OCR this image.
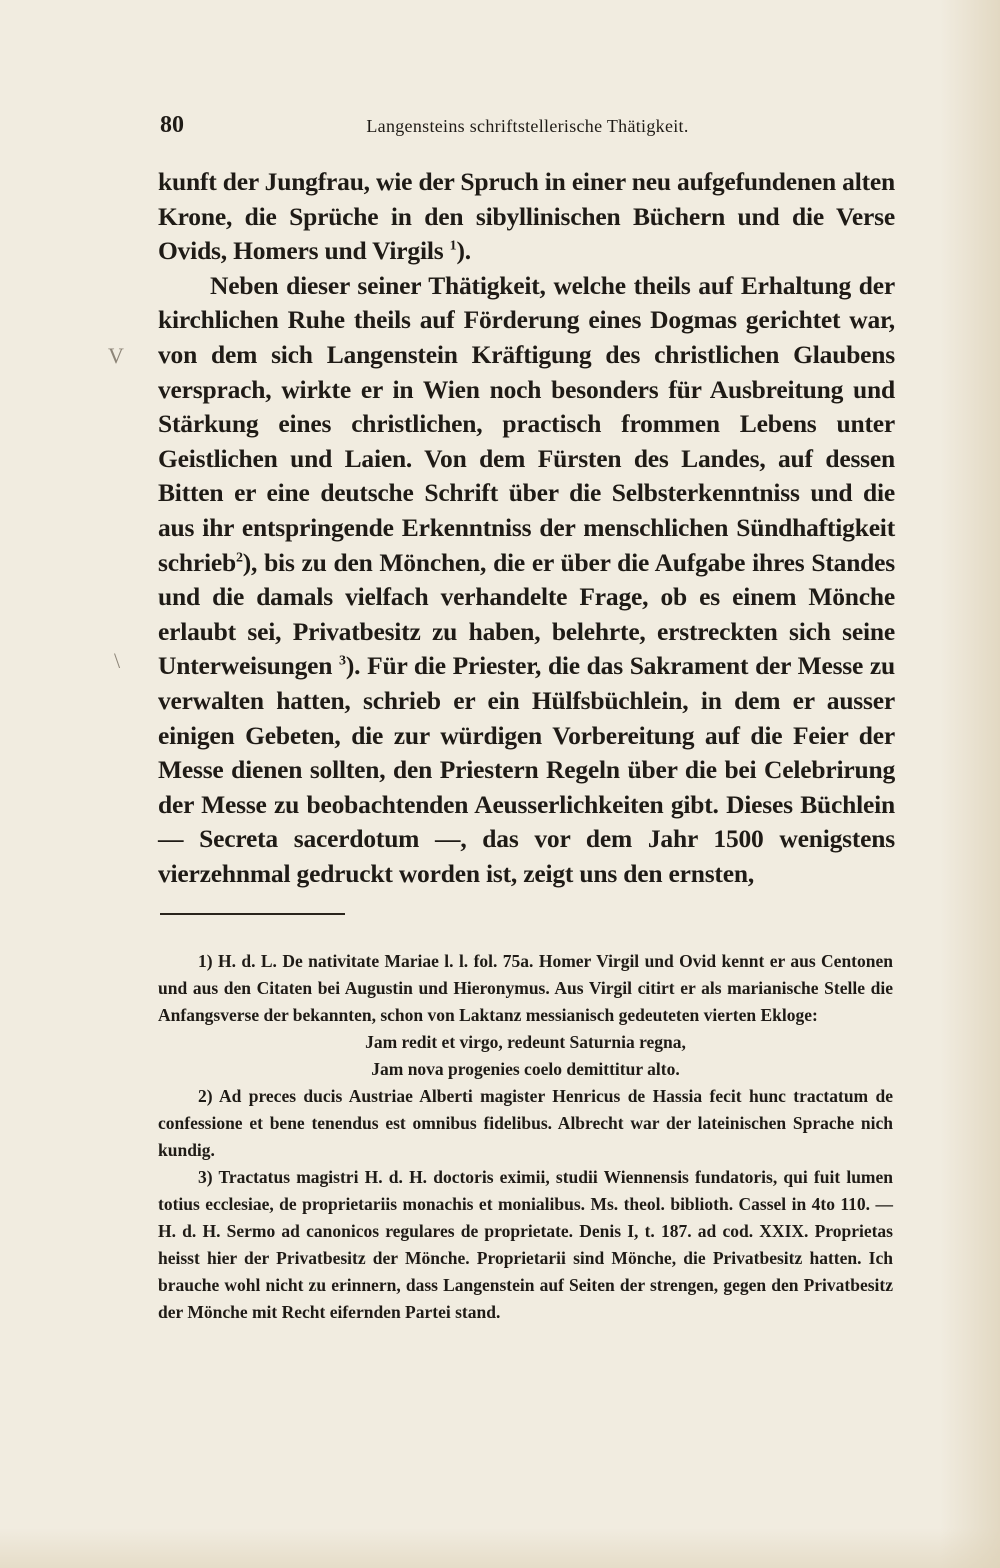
80	Langensteins schriftstellerische Thätigkeit.
V
\

kunft der Jungfrau, wie der Spruch in einer neu aufgefundenen alten Krone, die Sprüche in den sibyllinischen Büchern und die Verse Ovids, Homers und Virgils $^1$).

Neben dieser seiner Thätigkeit, welche theils auf Erhaltung der kirchlichen Ruhe theils auf Förderung eines Dogmas gerichtet war, von dem sich Langenstein Kräftigung des christlichen Glaubens versprach, wirkte er in Wien noch besonders für Ausbreitung und Stärkung eines christlichen, practisch frommen Lebens unter Geistlichen und Laien. Von dem Fürsten des Landes, auf dessen Bitten er eine deutsche Schrift über die Selbsterkenntniss und die aus ihr entspringende Erkenntniss der menschlichen Sündhaftigkeit schrieb$^2$), bis zu den Mönchen, die er über die Aufgabe ihres Standes und die damals vielfach verhandelte Frage, ob es einem Mönche erlaubt sei, Privatbesitz zu haben, belehrte, erstreckten sich seine Unterweisungen $^3$). Für die Priester, die das Sakrament der Messe zu verwalten hatten, schrieb er ein Hülfsbüchlein, in dem er ausser einigen Gebeten, die zur würdigen Vorbereitung auf die Feier der Messe dienen sollten, den Priestern Regeln über die bei Celebrirung der Messe zu beobachtenden Aeusserlichkeiten gibt. Dieses Büchlein — Secreta sacerdotum —, das vor dem Jahr 1500 wenigstens vierzehnmal gedruckt worden ist, zeigt uns den ernsten,

1) H. d. L. De nativitate Mariae l. l. fol. 75a. Homer Virgil und Ovid kennt er aus Centonen und aus den Citaten bei Augustin und Hieronymus. Aus Virgil citirt er als marianische Stelle die Anfangsverse der bekannten, schon von Laktanz messianisch gedeuteten vierten Ekloge:

Jam redit et virgo, redeunt Saturnia regna,

Jam nova progenies coelo demittitur alto.

2) Ad preces ducis Austriae Alberti magister Henricus de Hassia fecit hunc tractatum de confessione et bene tenendus est omnibus fidelibus. Albrecht war der lateinischen Sprache nich kundig.

3) Tractatus magistri H. d. H. doctoris eximii, studii Wiennensis fundatoris, qui fuit lumen totius ecclesiae, de proprietariis monachis et monialibus. Ms. theol. biblioth. Cassel in 4to 110. — H. d. H. Sermo ad canonicos regulares de proprietate. Denis I, t. 187. ad cod. XXIX. Proprietas heisst hier der Privatbesitz der Mönche. Proprietarii sind Mönche, die Privatbesitz hatten. Ich brauche wohl nicht zu erinnern, dass Langenstein auf Seiten der strengen, gegen den Privatbesitz der Mönche mit Recht eifernden Partei stand.
